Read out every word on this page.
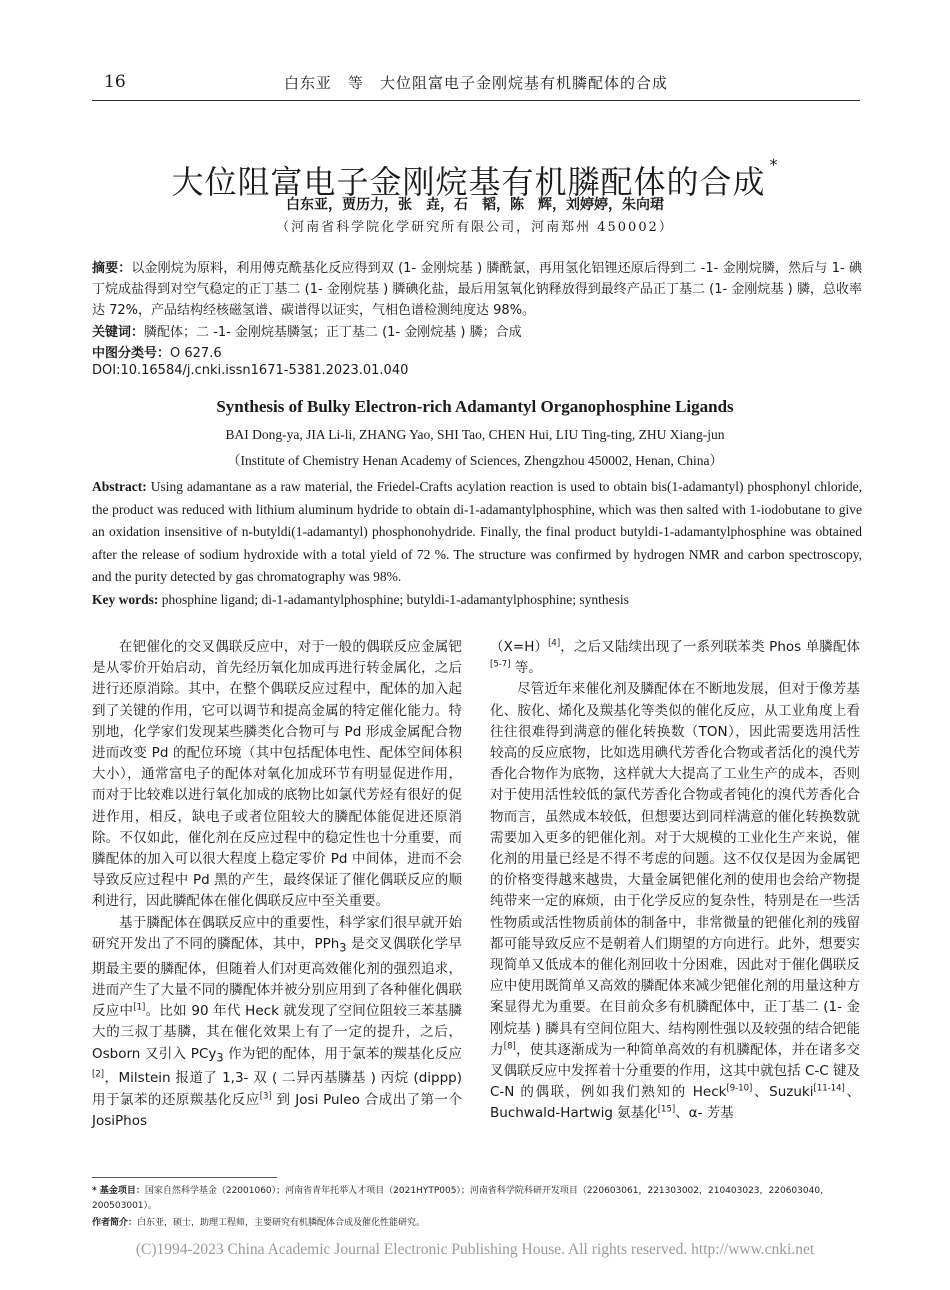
16	白东亚　等　大位阻富电子金刚烷基有机膦配体的合成
大位阻富电子金刚烷基有机膦配体的合成 *
白东亚，贾历力，张　垚，石　韬，陈　辉，刘婷婷，朱向珺
（河南省科学院化学研究所有限公司，河南郑州 450002）
摘要：以金刚烷为原料，利用傅克酰基化反应得到双 (1- 金刚烷基 ) 膦酰氯，再用氢化铝锂还原后得到二 -1- 金刚烷膦，然后与 1- 碘丁烷成盐得到对空气稳定的正丁基二 (1- 金刚烷基 ) 膦碘化盐，最后用氢氧化钠释放得到最终产品正丁基二 (1- 金刚烷基 ) 膦，总收率达 72%，产品结构经核磁氢谱、碳谱得以证实，气相色谱检测纯度达 98%。
关键词：膦配体；二 -1- 金刚烷基膦氢；正丁基二 (1- 金刚烷基 ) 膦；合成
中图分类号：O 627.6
DOI:10.16584/j.cnki.issn1671-5381.2023.01.040
Synthesis of Bulky Electron-rich Adamantyl Organophosphine Ligands
BAI Dong-ya, JIA Li-li, ZHANG Yao, SHI Tao, CHEN Hui, LIU Ting-ting, ZHU Xiang-jun
（Institute of Chemistry Henan Academy of Sciences, Zhengzhou 450002, Henan, China）
Abstract: Using adamantane as a raw material, the Friedel-Crafts acylation reaction is used to obtain bis(1-adamantyl) phosphonyl chloride, the product was reduced with lithium aluminum hydride to obtain di-1-adamantylphosphine, which was then salted with 1-iodobutane to give an oxidation insensitive of n-butyldi(1-adamantyl) phosphonohydride. Finally, the final product butyldi-1-adamantylphosphine was obtained after the release of sodium hydroxide with a total yield of 72 %. The structure was confirmed by hydrogen NMR and carbon spectroscopy, and the purity detected by gas chromatography was 98%.
Key words: phosphine ligand; di-1-adamantylphosphine; butyldi-1-adamantylphosphine; synthesis

在钯催化的交叉偶联反应中，对于一般的偶联反应金属钯是从零价开始启动，首先经历氧化加成再进行转金属化，之后进行还原消除。其中，在整个偶联反应过程中，配体的加入起到了关键的作用，它可以调节和提高金属的特定催化能力。特别地，化学家们发现某些膦类化合物可与 Pd 形成金属配合物进而改变 Pd 的配位环境（其中包括配体电性、配体空间体积大小），通常富电子的配体对氧化加成环节有明显促进作用，而对于比较难以进行氧化加成的底物比如氯代芳烃有很好的促进作用，相反，缺电子或者位阻较大的膦配体能促进还原消除。不仅如此，催化剂在反应过程中的稳定性也十分重要，而膦配体的加入可以很大程度上稳定零价 Pd 中间体，进而不会导致反应过程中 Pd 黑的产生，最终保证了催化偶联反应的顺利进行，因此膦配体在催化偶联反应中至关重要。

基于膦配体在偶联反应中的重要性，科学家们很早就开始研究开发出了不同的膦配体，其中，PPh$_3$ 是交叉偶联化学早期最主要的膦配体，但随着人们对更高效催化剂的强烈追求，进而产生了大量不同的膦配体并被分别应用到了各种催化偶联反应中[1]。比如 90 年代 Heck 就发现了空间位阻较三苯基膦大的三叔丁基膦，其在催化效果上有了一定的提升，之后，Osborn 又引入 PCy$_3$ 作为钯的配体，用于氯苯的羰基化反应[2]，Milstein 报道了 1,3- 双 ( 二异丙基膦基 ) 丙烷 (dippp) 用于氯苯的还原羰基化反应[3] 到 Josi Puleo 合成出了第一个 JosiPhos

（X=H）[4]，之后又陆续出现了一系列联苯类 Phos 单膦配体[5-7] 等。

尽管近年来催化剂及膦配体在不断地发展，但对于像芳基化、胺化、烯化及羰基化等类似的催化反应，从工业角度上看往往很难得到满意的催化转换数（TON），因此需要选用活性较高的反应底物，比如选用碘代芳香化合物或者活化的溴代芳香化合物作为底物，这样就大大提高了工业生产的成本，否则对于使用活性较低的氯代芳香化合物或者钝化的溴代芳香化合物而言，虽然成本较低，但想要达到同样满意的催化转换数就需要加入更多的钯催化剂。对于大规模的工业化生产来说，催化剂的用量已经是不得不考虑的问题。这不仅仅是因为金属钯的价格变得越来越贵，大量金属钯催化剂的使用也会给产物提纯带来一定的麻烦，由于化学反应的复杂性，特别是在一些活性物质或活性物质前体的制备中，非常微量的钯催化剂的残留都可能导致反应不是朝着人们期望的方向进行。此外，想要实现简单又低成本的催化剂回收十分困难，因此对于催化偶联反应中使用既简单又高效的膦配体来减少钯催化剂的用量这种方案显得尤为重要。在目前众多有机膦配体中，正丁基二 (1- 金刚烷基 ) 膦具有空间位阻大、结构刚性强以及较强的结合钯能力[8]，使其逐渐成为一种简单高效的有机膦配体，并在诸多交叉偶联反应中发挥着十分重要的作用，这其中就包括 C-C 键及 C-N 的偶联，例如我们熟知的 Heck[9-10]、Suzuki[11-14]、Buchwald-Hartwig 氨基化[15]、α- 芳基

* 基金项目：国家自然科学基金（22001060）；河南省青年托举人才项目（2021HYTP005）；河南省科学院科研开发项目（220603061，221303002，210403023，220603040，200503001）。
作者简介：白东亚，硕士，助理工程师，主要研究有机膦配体合成及催化性能研究。
(C)1994-2023 China Academic Journal Electronic Publishing House. All rights reserved. http://www.cnki.net
